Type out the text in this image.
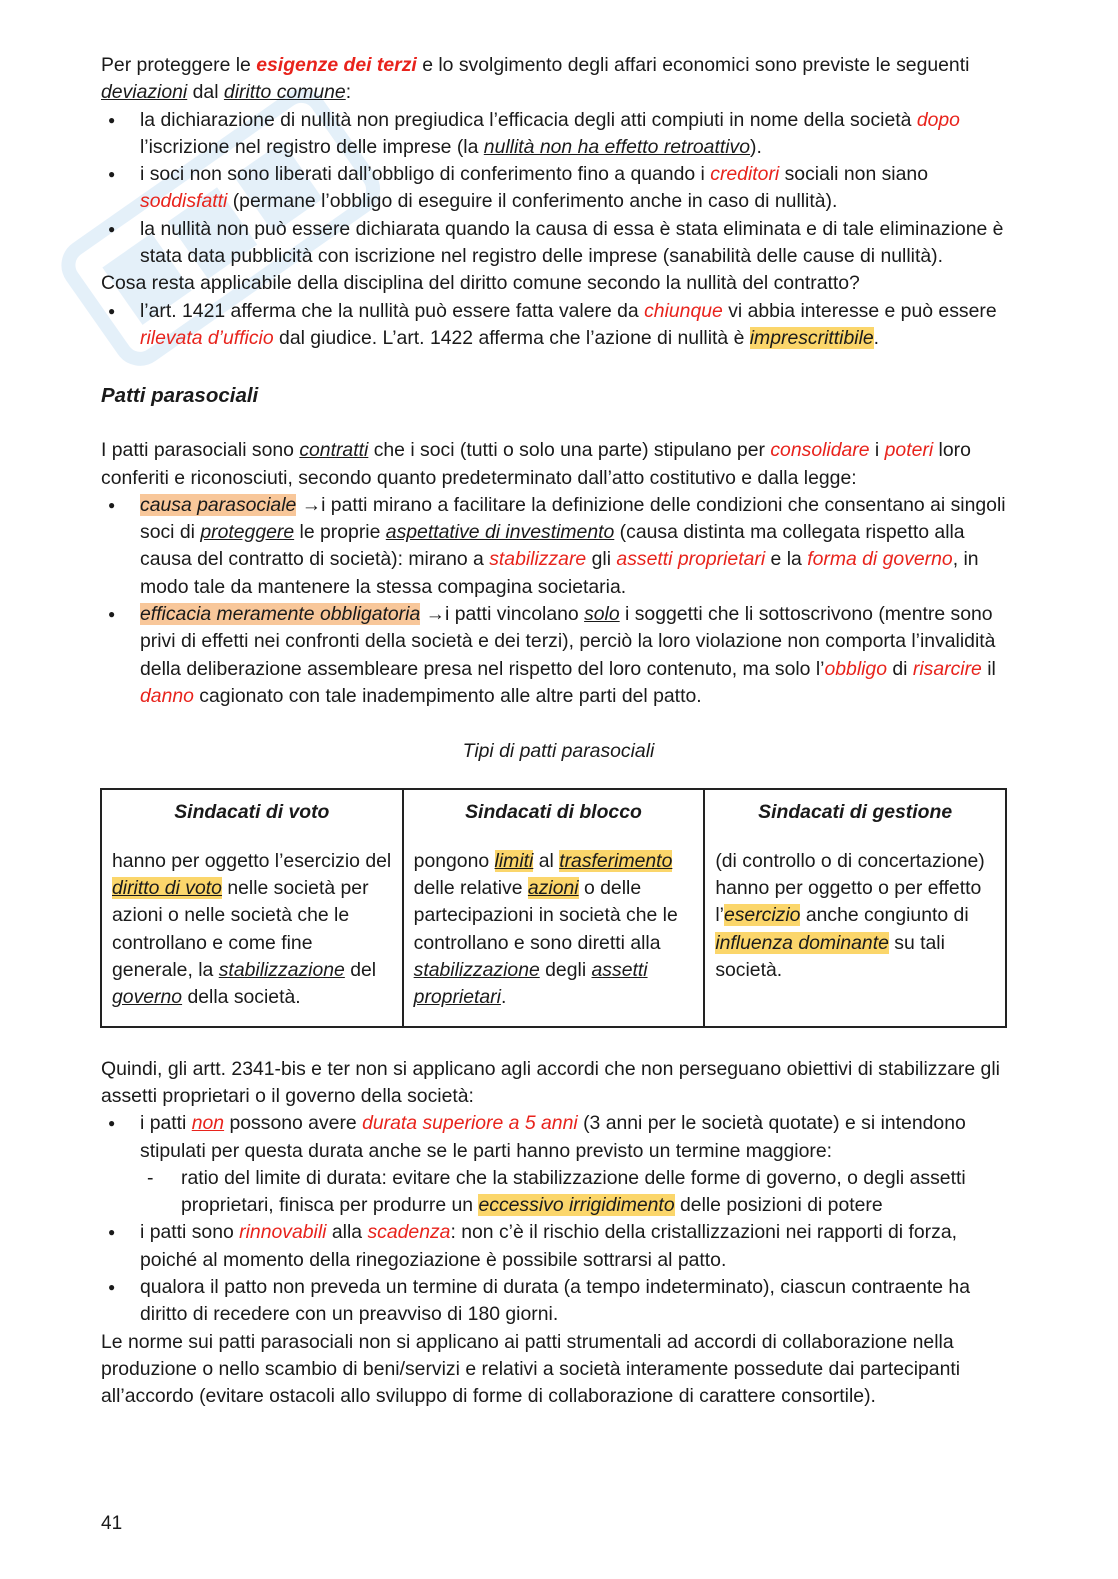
Per proteggere le esigenze dei terzi e lo svolgimento degli affari economici sono previste le seguenti deviazioni dal diritto comune:

● la dichiarazione di nullità non pregiudica l’efficacia degli atti compiuti in nome della società dopo l’iscrizione nel registro delle imprese (la nullità non ha effetto retroattivo).
● i soci non sono liberati dall’obbligo di conferimento fino a quando i creditori sociali non siano soddisfatti (permane l’obbligo di eseguire il conferimento anche in caso di nullità).
● la nullità non può essere dichiarata quando la causa di essa è stata eliminata e di tale eliminazione è stata data pubblicità con iscrizione nel registro delle imprese (sanabilità delle cause di nullità).

Cosa resta applicabile della disciplina del diritto comune secondo la nullità del contratto?

● l’art. 1421 afferma che la nullità può essere fatta valere da chiunque vi abbia interesse e può essere rilevata d’ufficio dal giudice. L’art. 1422 afferma che l’azione di nullità è imprescrittibile.
Patti parasociali

I patti parasociali sono contratti che i soci (tutti o solo una parte) stipulano per consolidare i poteri loro conferiti e riconosciuti, secondo quanto predeterminato dall’atto costitutivo e dalla legge:

● causa parasociale →i patti mirano a facilitare la definizione delle condizioni che consentano ai singoli soci di proteggere le proprie aspettative di investimento (causa distinta ma collegata rispetto alla causa del contratto di società): mirano a stabilizzare gli assetti proprietari e la forma di governo, in modo tale da mantenere la stessa compagina societaria.
● efficacia meramente obbligatoria →i patti vincolano solo i soggetti che li sottoscrivono (mentre sono privi di effetti nei confronti della società e dei terzi), perciò la loro violazione non comporta l’invalidità della deliberazione assembleare presa nel rispetto del loro contenuto, ma solo l’obbligo di risarcire il danno cagionato con tale inadempimento alle altre parti del patto.

Tipi di patti parasociali

Sindacati di voto	Sindacati di blocco	Sindacati di gestione
hanno per oggetto l’esercizio del diritto di voto nelle società per azioni o nelle società che le controllano e come fine generale, la stabilizzazione del governo della società.	pongono limiti al trasferimento delle relative azioni o delle partecipazioni in società che le controllano e sono diretti alla stabilizzazione degli assetti proprietari.	(di controllo o di concertazione) hanno per oggetto o per effetto l’esercizio anche congiunto di influenza dominante su tali società.

Quindi, gli artt. 2341-bis e ter non si applicano agli accordi che non perseguano obiettivi di stabilizzare gli assetti proprietari o il governo della società:

● i patti non possono avere durata superiore a 5 anni (3 anni per le società quotate) e si intendono stipulati per questa durata anche se le parti hanno previsto un termine maggiore:
- ratio del limite di durata: evitare che la stabilizzazione delle forme di governo, o degli assetti proprietari, finisca per produrre un eccessivo irrigidimento delle posizioni di potere
● i patti sono rinnovabili alla scadenza: non c’è il rischio della cristallizzazioni nei rapporti di forza, poiché al momento della rinegoziazione è possibile sottrarsi al patto.
● qualora il patto non preveda un termine di durata (a tempo indeterminato), ciascun contraente ha diritto di recedere con un preavviso di 180 giorni.

Le norme sui patti parasociali non si applicano ai patti strumentali ad accordi di collaborazione nella produzione o nello scambio di beni/servizi e relativi a società interamente possedute dai partecipanti all’accordo (evitare ostacoli allo sviluppo di forme di collaborazione di carattere consortile).

41
